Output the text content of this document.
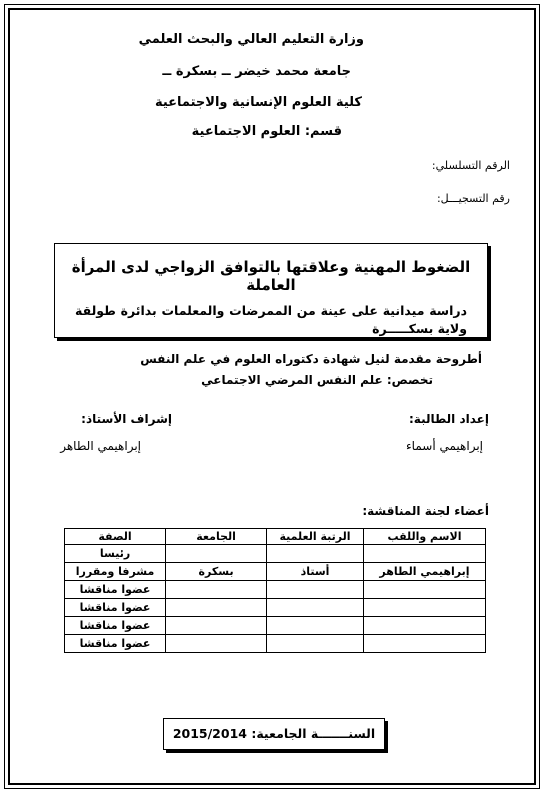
وزارة التعليم العالي والبحث العلمي
جامعة محمد خيضر ــ بسكرة ــ
كلية العلوم الإنسانية والاجتماعية
قسم: العلوم الاجتماعية
الرقم التسلسلي:
رقم التسجيـــل:
الضغوط المهنية وعلاقتها بالتوافق الزواجي لدى المرأة العاملة
دراسة ميدانية على عينة من الممرضات والمعلمات بدائرة طولقة ولاية بسكـــــرة
أطروحة مقدمة لنيل شهادة دكتوراه العلوم في علم النفس
تخصص: علم النفس المرضي الاجتماعي
إعداد الطالبة:
إبراهيمي أسماء
إشراف الأستاذ:
إبراهيمي الطاهر
أعضاء لجنة المناقشة:
الاسم واللقب	الرتبة العلمية	الجامعة	الصفة
			رئيسا
إبراهيمي الطاهر	أستاذ	بسكرة	مشرفا ومقررا
			عضوا مناقشا
			عضوا مناقشا
			عضوا مناقشا
			عضوا مناقشا
السنـــــــة الجامعية: 2015/2014
